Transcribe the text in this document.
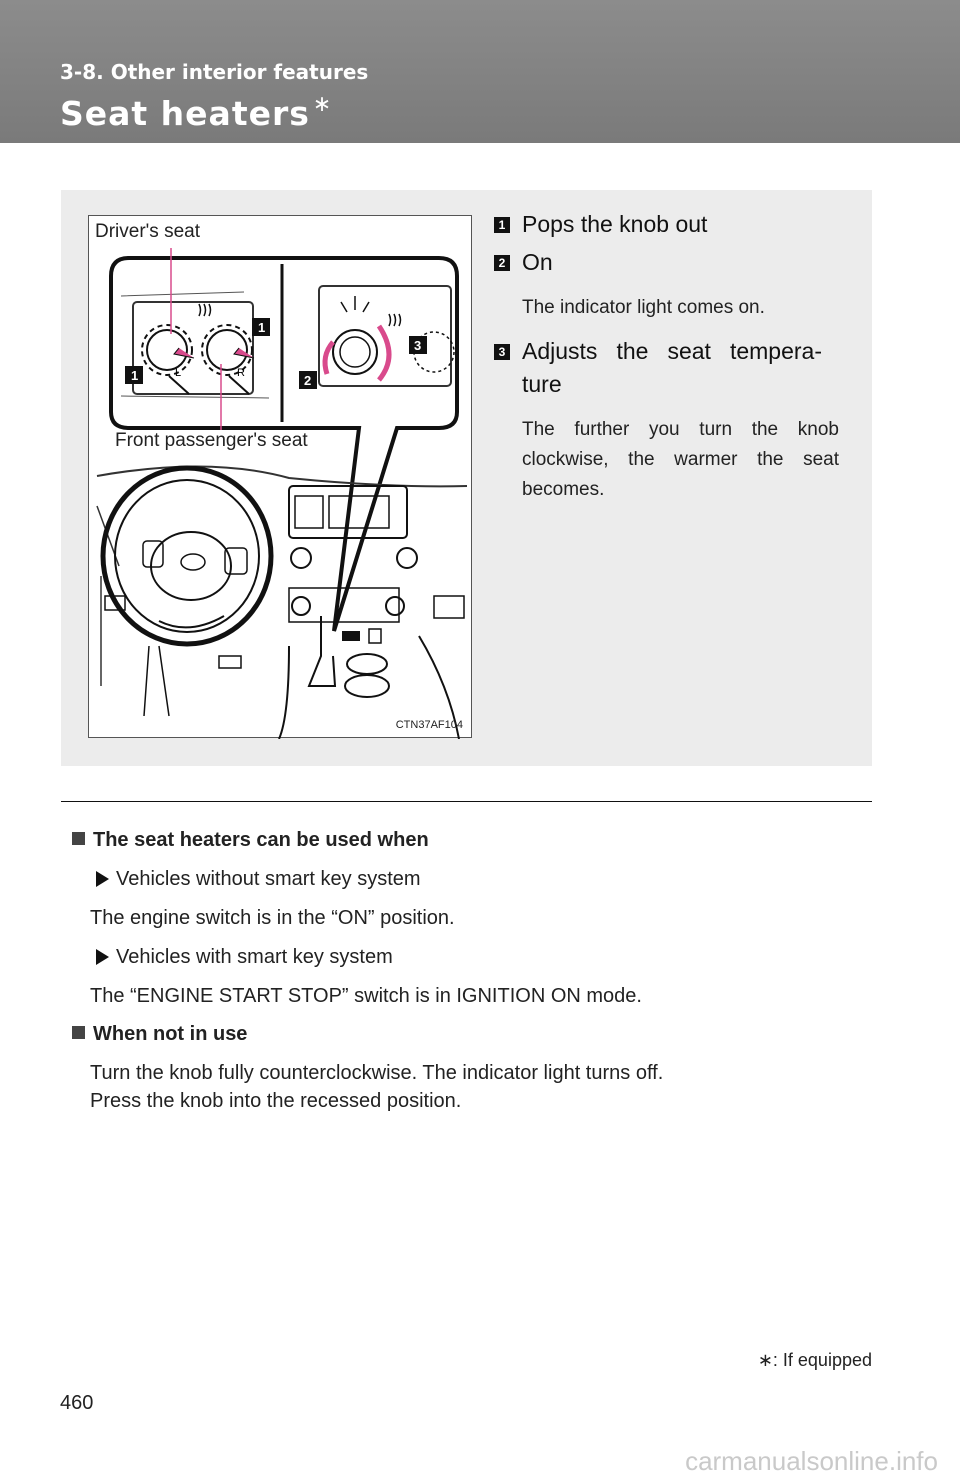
3-8. Other interior features
Seat heaters ∗
L	R
1
1	2
3
Driver's seat
Front passenger's seat
CTN37AF104
1 Pops the knob out
2 On
The indicator light comes on.
3 Adjusts the seat tempera-ture
The further you turn the knob clockwise, the warmer the seat becomes.
The seat heaters can be used when
Vehicles without smart key system
The engine switch is in the “ON” position.
Vehicles with smart key system
The “ENGINE START STOP” switch is in IGNITION ON mode.
When not in use
Turn the knob fully counterclockwise. The indicator light turns off.
Press the knob into the recessed position.
∗: If equipped
460
carmanualsonline.info
